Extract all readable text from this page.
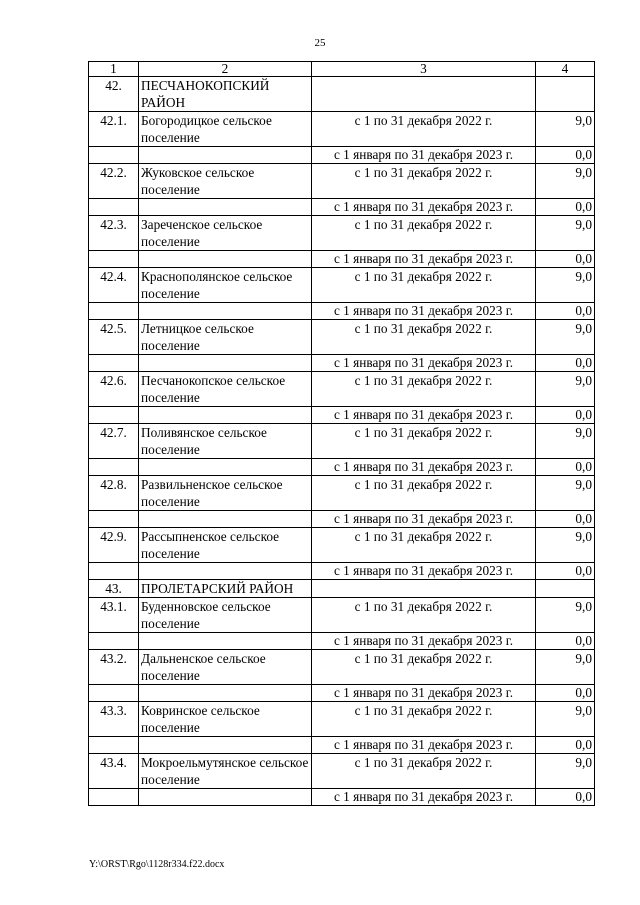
25
1	2	3	4
42.	ПЕСЧАНОКОПСКИЙ РАЙОН		
42.1.	Богородицкое сельское поселение	с 1 по 31 декабря 2022 г.	9,0
		с 1 января по 31 декабря 2023 г.	0,0
42.2.	Жуковское сельское поселение	с 1 по 31 декабря 2022 г.	9,0
		с 1 января по 31 декабря 2023 г.	0,0
42.3.	Зареченское сельское поселение	с 1 по 31 декабря 2022 г.	9,0
		с 1 января по 31 декабря 2023 г.	0,0
42.4.	Краснополянское сельское поселение	с 1 по 31 декабря 2022 г.	9,0
		с 1 января по 31 декабря 2023 г.	0,0
42.5.	Летницкое сельское поселение	с 1 по 31 декабря 2022 г.	9,0
		с 1 января по 31 декабря 2023 г.	0,0
42.6.	Песчанокопское сельское поселение	с 1 по 31 декабря 2022 г.	9,0
		с 1 января по 31 декабря 2023 г.	0,0
42.7.	Поливянское сельское поселение	с 1 по 31 декабря 2022 г.	9,0
		с 1 января по 31 декабря 2023 г.	0,0
42.8.	Развильненское сельское поселение	с 1 по 31 декабря 2022 г.	9,0
		с 1 января по 31 декабря 2023 г.	0,0
42.9.	Рассыпненское сельское поселение	с 1 по 31 декабря 2022 г.	9,0
		с 1 января по 31 декабря 2023 г.	0,0
43.	ПРОЛЕТАРСКИЙ РАЙОН		
43.1.	Буденновское сельское поселение	с 1 по 31 декабря 2022 г.	9,0
		с 1 января по 31 декабря 2023 г.	0,0
43.2.	Дальненское сельское поселение	с 1 по 31 декабря 2022 г.	9,0
		с 1 января по 31 декабря 2023 г.	0,0
43.3.	Ковринское сельское поселение	с 1 по 31 декабря 2022 г.	9,0
		с 1 января по 31 декабря 2023 г.	0,0
43.4.	Мокроельмутянское сельское поселение	с 1 по 31 декабря 2022 г.	9,0
		с 1 января по 31 декабря 2023 г.	0,0
Y:\ORST\Rgo\1128r334.f22.docx
